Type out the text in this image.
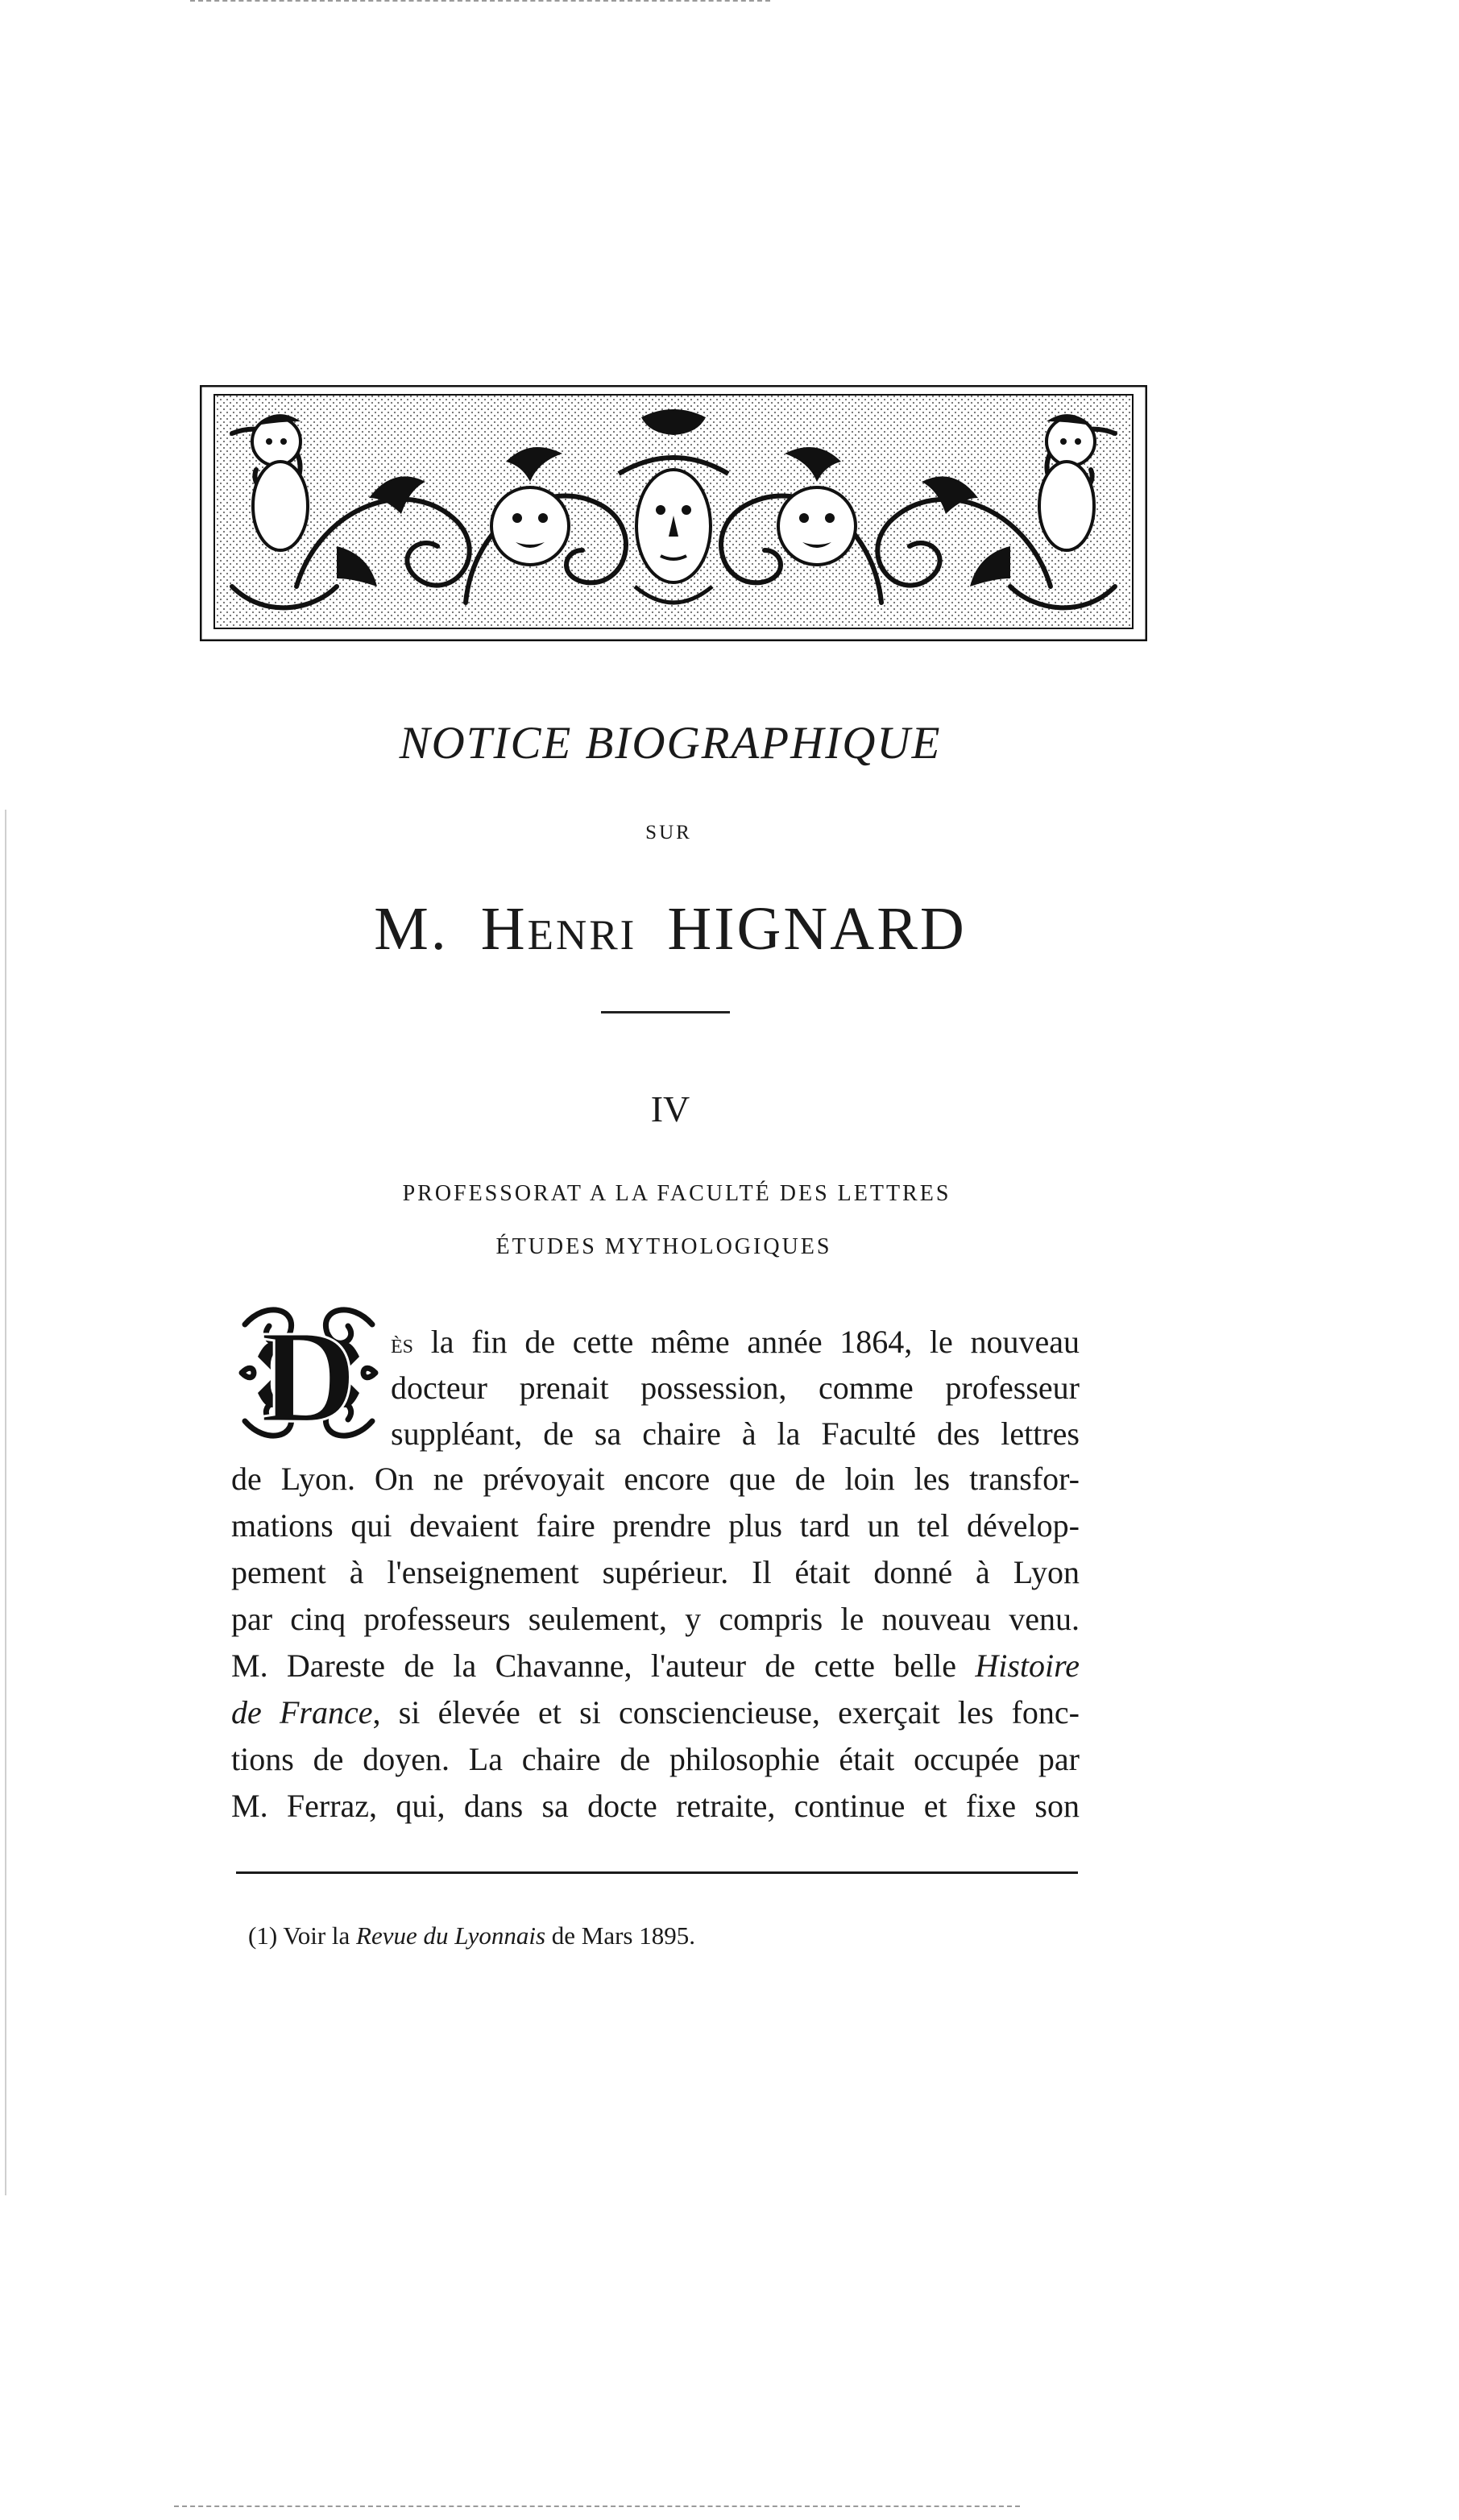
NOTICE BIOGRAPHIQUE
SUR
M. Henri HIGNARD
IV
PROFESSORAT A LA FACULTÉ DES LETTRES
ÉTUDES MYTHOLOGIQUES
D ès la fin de cette même année 1864, le nouveau
docteur prenait possession, comme professeur
suppléant, de sa chaire à la Faculté des lettres
de Lyon. On ne prévoyait encore que de loin les transfor-
mations qui devaient faire prendre plus tard un tel dévelop-
pement à l'enseignement supérieur. Il était donné à Lyon
par cinq professeurs seulement, y compris le nouveau venu.
M. Dareste de la Chavanne, l'auteur de cette belle Histoire
de France, si élevée et si consciencieuse, exerçait les fonc-
tions de doyen. La chaire de philosophie était occupée par
M. Ferraz, qui, dans sa docte retraite, continue et fixe son
(1) Voir la Revue du Lyonnais de Mars 1895.
